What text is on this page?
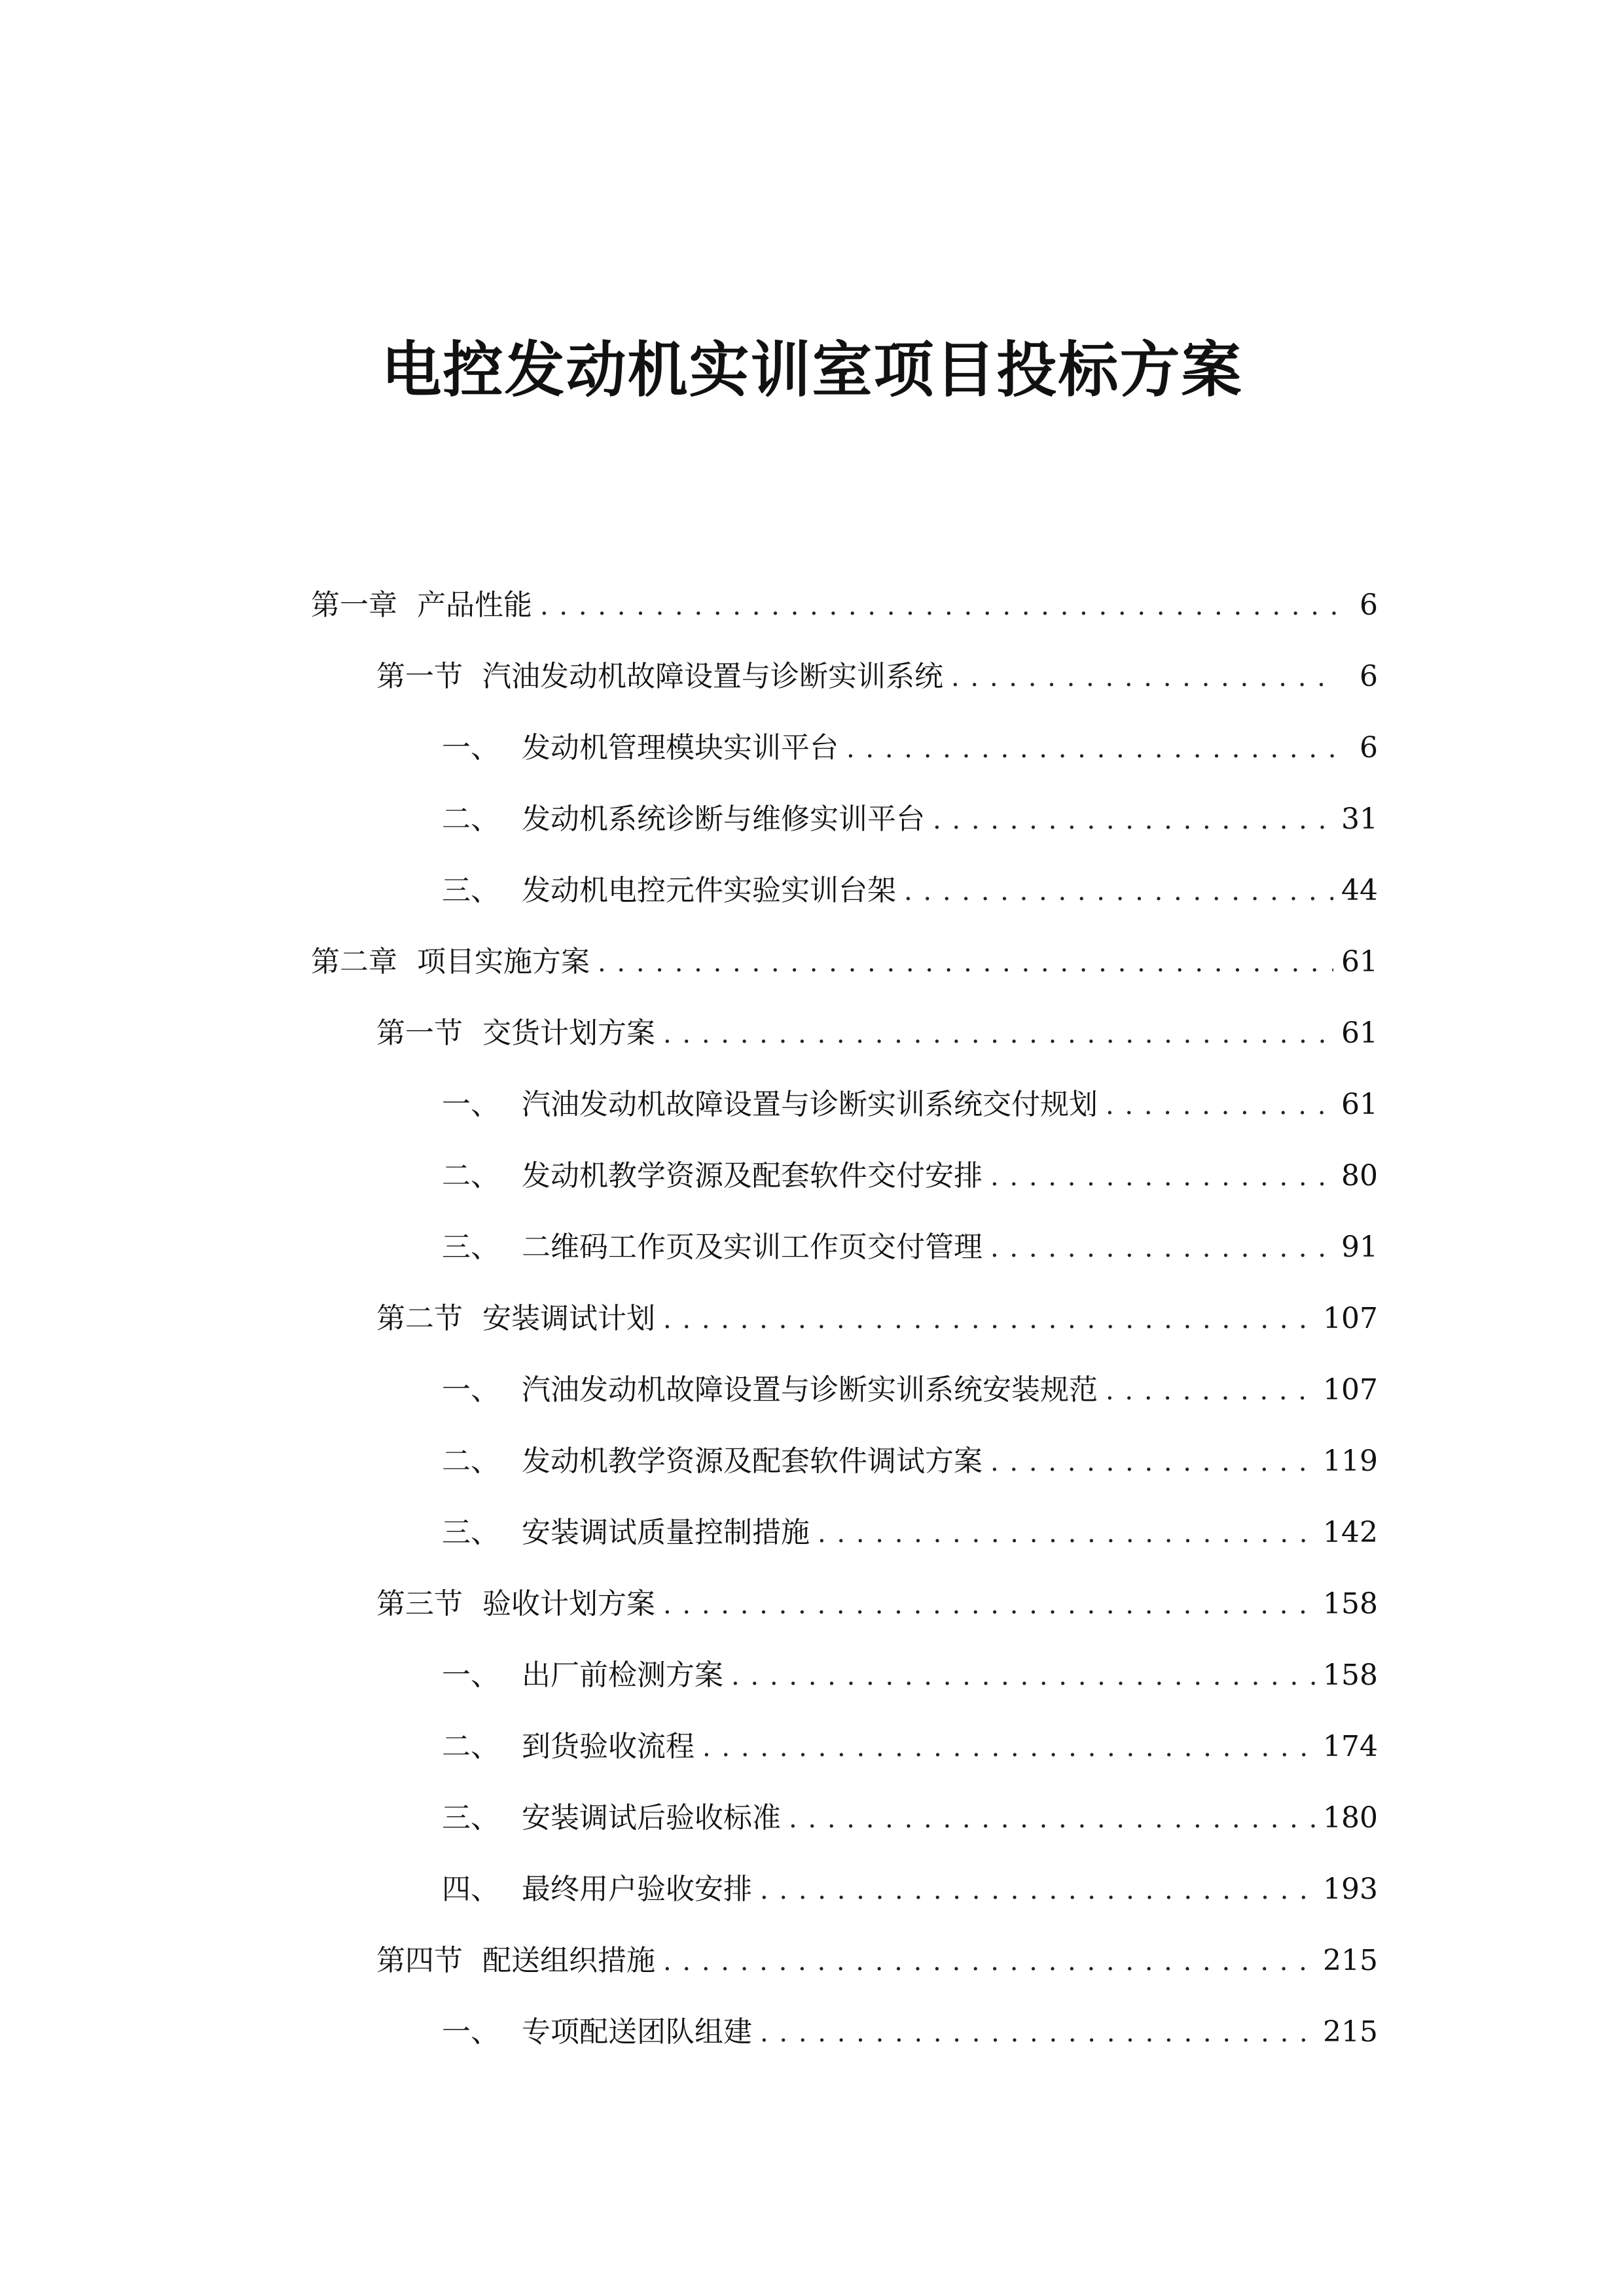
电控发动机实训室项目投标方案
第一章 产品性能 . . .	6
第一节 汽油发动机故障设置与诊断实训系统 . . .	6
一、 发动机管理模块实训平台 . . .	6
二、 发动机系统诊断与维修实训平台 . . .	31
三、 发动机电控元件实验实训台架 . . .	44
第二章 项目实施方案 . . .	61
第一节 交货计划方案 . . .	61
一、 汽油发动机故障设置与诊断实训系统交付规划 . . .	61
二、 发动机教学资源及配套软件交付安排 . . .	80
三、 二维码工作页及实训工作页交付管理 . . .	91
第二节 安装调试计划 . . .	107
一、 汽油发动机故障设置与诊断实训系统安装规范 . . .	107
二、 发动机教学资源及配套软件调试方案 . . .	119
三、 安装调试质量控制措施 . . .	142
第三节 验收计划方案 . . .	158
一、 出厂前检测方案 . . .	158
二、 到货验收流程 . . .	174
三、 安装调试后验收标准 . . .	180
四、 最终用户验收安排 . . .	193
第四节 配送组织措施 . . .	215
一、 专项配送团队组建 . . .	215
